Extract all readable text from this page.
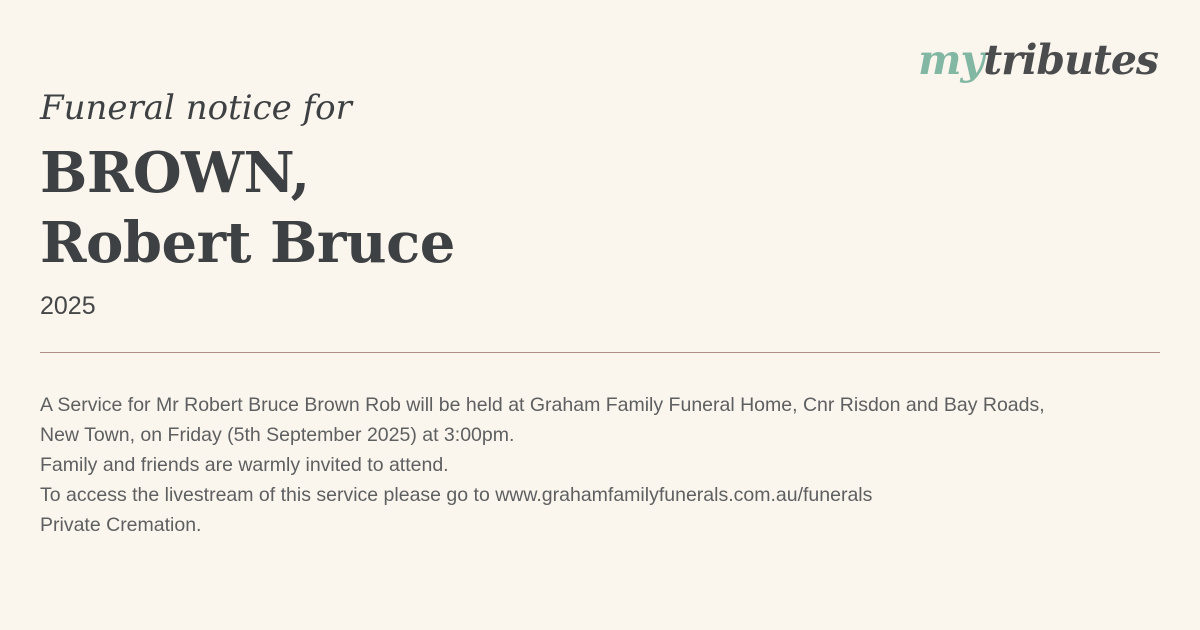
mytributes
Funeral notice for
BROWN,
Robert Bruce
2025
A Service for Mr Robert Bruce Brown Rob will be held at Graham Family Funeral Home, Cnr Risdon and Bay Roads,
New Town, on Friday (5th September 2025) at 3:00pm.
Family and friends are warmly invited to attend.
To access the livestream of this service please go to www.grahamfamilyfunerals.com.au/funerals
Private Cremation.
